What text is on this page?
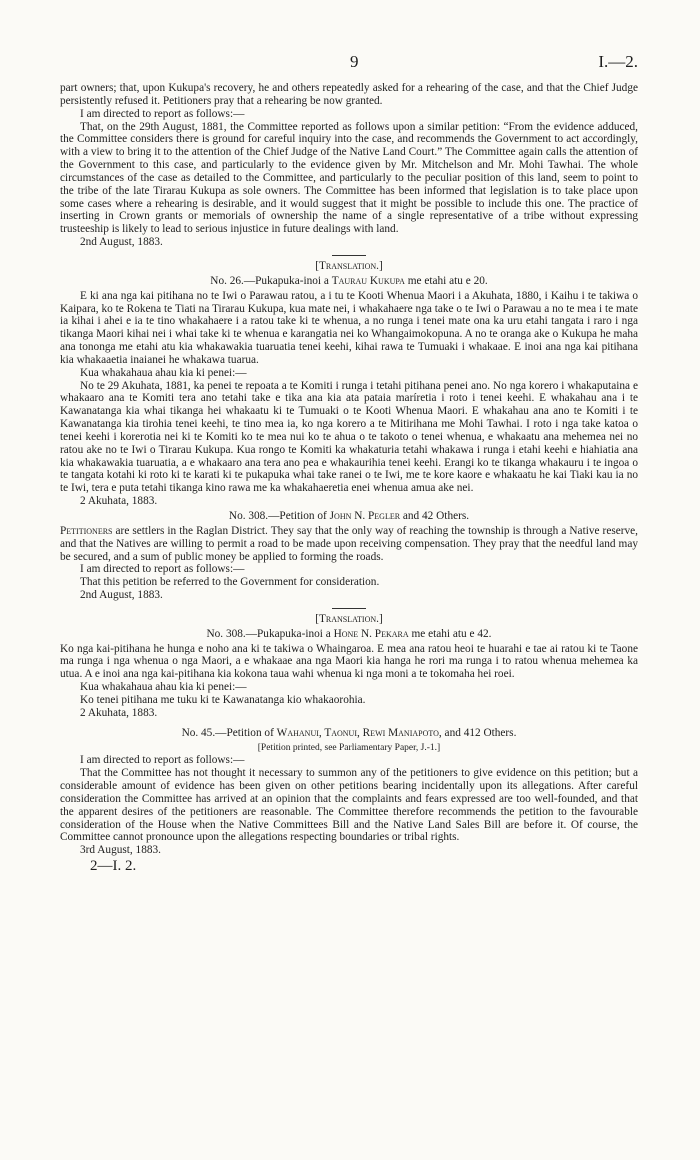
9	I.—2.

part owners; that, upon Kukupa's recovery, he and others repeatedly asked for a rehearing of the case, and that the Chief Judge persistently refused it. Petitioners pray that a rehearing be now granted.

I am directed to report as follows:—

That, on the 29th August, 1881, the Committee reported as follows upon a similar petition: “From the evidence adduced, the Committee considers there is ground for careful inquiry into the case, and recommends the Government to act accordingly, with a view to bring it to the attention of the Chief Judge of the Native Land Court.” The Committee again calls the attention of the Government to this case, and particularly to the evidence given by Mr. Mitchelson and Mr. Mohi Tawhai. The whole circumstances of the case as detailed to the Committee, and particularly to the peculiar position of this land, seem to point to the tribe of the late Tirarau Kukupa as sole owners. The Committee has been informed that legislation is to take place upon some cases where a rehearing is desirable, and it would suggest that it might be possible to include this one. The practice of inserting in Crown grants or memorials of ownership the name of a single representative of a tribe without expressing trusteeship is likely to lead to serious injustice in future dealings with land.

2nd August, 1883.

[Translation.]

No. 26.—Pukapuka-inoi a Taurau Kukupa me etahi atu e 20.

E ki ana nga kai pitihana no te Iwi o Parawau ratou, a i tu te Kooti Whenua Maori i a Akuhata, 1880, i Kaihu i te takiwa o Kaipara, ko te Rokena te Tiati na Tirarau Kukupa, kua mate nei, i whakahaere nga take o te Iwi o Parawau a no te mea i te mate ia kihai i ahei e ia te tino whakahaere i a ratou take ki te whenua, a no runga i tenei mate ona ka uru etahi tangata i raro i nga tikanga Maori kihai nei i whai take ki te whenua e karangatia nei ko Whangaimokopuna. A no te oranga ake o Kukupa he maha ana tononga me etahi atu kia whakawakia tuaruatia tenei keehi, kihai rawa te Tumuaki i whakaae. E inoi ana nga kai pitihana kia whakaaetia inaianei he whakawa tuarua.

Kua whakahaua ahau kia ki penei:—

No te 29 Akuhata, 1881, ka penei te repoata a te Komiti i runga i tetahi pitihana penei ano. No nga korero i whakaputaina e whakaaro ana te Komiti tera ano tetahi take e tika ana kia ata pataia maríretia i roto i tenei keehi. E whakahau ana i te Kawanatanga kia whai tikanga hei whakaatu ki te Tumuaki o te Kooti Whenua Maori. E whakahau ana ano te Komiti i te Kawanatanga kia tirohia tenei keehi, te tino mea ia, ko nga korero a te Mitirihana me Mohi Tawhai. I roto i nga take katoa o tenei keehi i korerotia nei ki te Komiti ko te mea nui ko te ahua o te takoto o tenei whenua, e whakaatu ana mehemea nei no ratou ake no te Iwi o Tirarau Kukupa. Kua rongo te Komiti ka whakaturia tetahi whakawa i runga i etahi keehi e hiahiatia ana kia whakawakia tuaruatia, a e whakaaro ana tera ano pea e whakaurihia tenei keehi. Erangi ko te tikanga whakauru i te ingoa o te tangata kotahi ki roto ki te karati ki te pukapuka whai take ranei o te Iwi, me te kore kaore e whakaatu he kai Tiaki kau ia no te Iwi, tera e puta tetahi tikanga kino rawa me ka whakahaeretia enei whenua amua ake nei.

2 Akuhata, 1883.

No. 308.—Petition of John N. Pegler and 42 Others.

Petitioners are settlers in the Raglan District. They say that the only way of reaching the township is through a Native reserve, and that the Natives are willing to permit a road to be made upon receiving compensation. They pray that the needful land may be secured, and a sum of public money be applied to forming the roads.

I am directed to report as follows:—

That this petition be referred to the Government for consideration.

2nd August, 1883.

[Translation.]

No. 308.—Pukapuka-inoi a Hone N. Pekara me etahi atu e 42.

Ko nga kai-pitihana he hunga e noho ana ki te takiwa o Whaingaroa. E mea ana ratou heoi te huarahi e tae ai ratou ki te Taone ma runga i nga whenua o nga Maori, a e whakaae ana nga Maori kia hanga he rori ma runga i to ratou whenua mehemea ka utua. A e inoi ana nga kai-pitihana kia kokona taua wahi whenua ki nga moni a te tokomaha hei roei.

Kua whakahaua ahau kia ki penei:—

Ko tenei pitihana me tuku ki te Kawanatanga kio whakaorohia.

2 Akuhata, 1883.

No. 45.—Petition of Wahanui, Taonui, Rewi Maniapoto, and 412 Others.

[Petition printed, see Parliamentary Paper, J.-1.]

I am directed to report as follows:—

That the Committee has not thought it necessary to summon any of the petitioners to give evidence on this petition; but a considerable amount of evidence has been given on other petitions bearing incidentally upon its allegations. After careful consideration the Committee has arrived at an opinion that the complaints and fears expressed are too well-founded, and that the apparent desires of the petitioners are reasonable. The Committee therefore recommends the petition to the favourable consideration of the House when the Native Committees Bill and the Native Land Sales Bill are before it. Of course, the Committee cannot pronounce upon the allegations respecting boundaries or tribal rights.

3rd August, 1883.

2—I. 2.
